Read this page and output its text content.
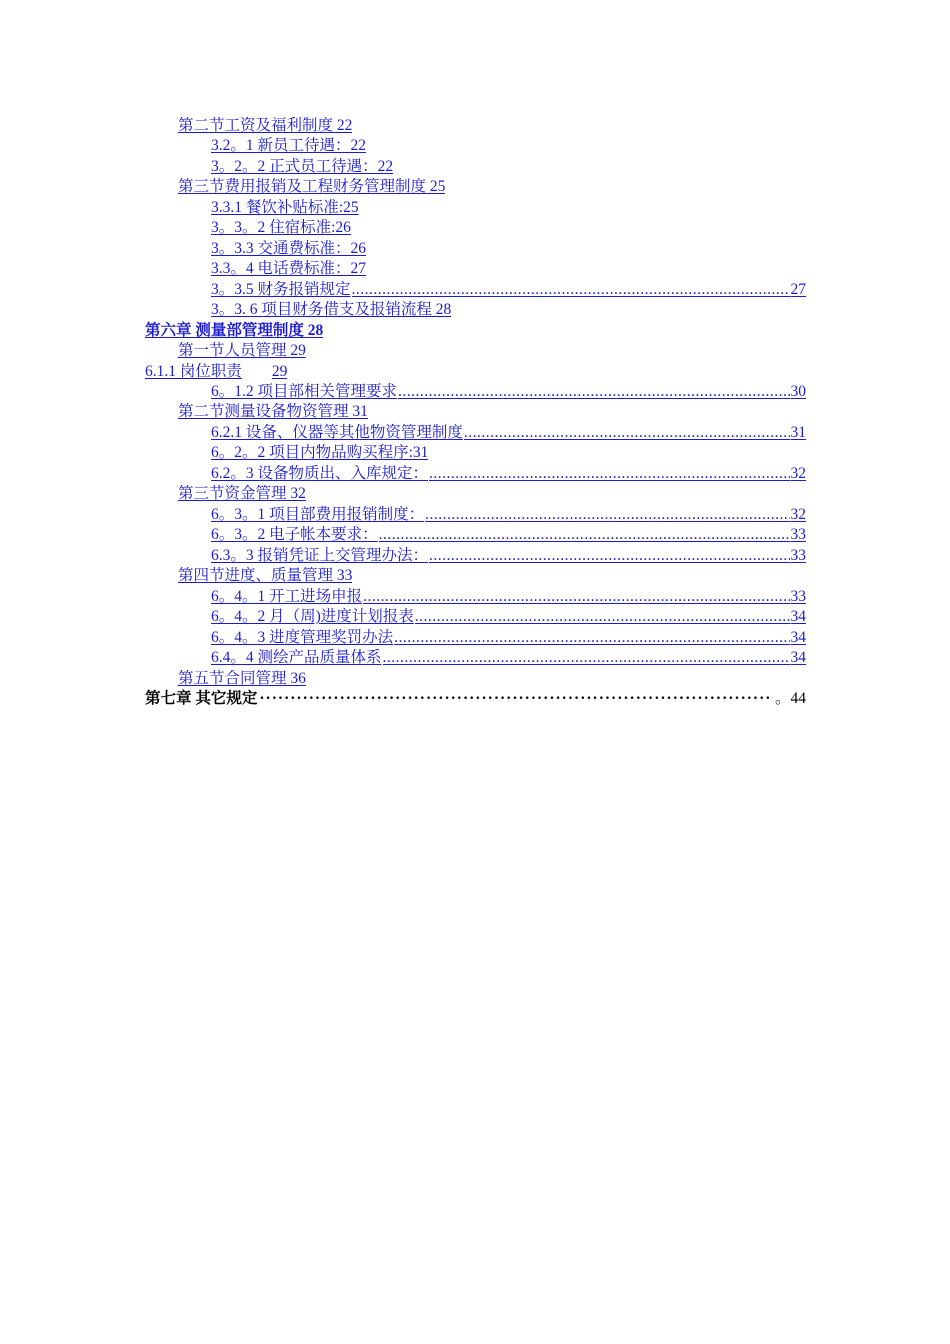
第二节工资及福利制度 22
3.2。1 新员工待遇：22
3。2。2 正式员工待遇：22
第三节费用报销及工程财务管理制度 25
3.3.1 餐饮补贴标准:25
3。3。2 住宿标准:26
3。3.3 交通费标准：26
3.3。4 电话费标准：27
3。3.5 财务报销规定 .....	27
3。3. 6 项目财务借支及报销流程 28
第六章 测量部管理制度 28
第一节人员管理 29
6.1.1 岗位职责 29
6。1.2 项目部相关管理要求 .....	30
第二节测量设备物资管理 31
6.2.1 设备、仪器等其他物资管理制度 .....	31
6。2。2 项目内物品购买程序:31
6.2。3 设备物质出、入库规定： .....	32
第三节资金管理 32
6。3。1 项目部费用报销制度： .....	32
6。3。2 电子帐本要求： .....	33
6.3。3 报销凭证上交管理办法： .....	33
第四节进度、质量管理 33
6。4。1 开工进场申报 .....	33
6。4。2 月（周)进度计划报表 .....	34
6。4。3 进度管理奖罚办法 .....	34
6.4。4 测绘产品质量体系 .....	34
第五节合同管理 36
第七章 其它规定 ·····	。44
